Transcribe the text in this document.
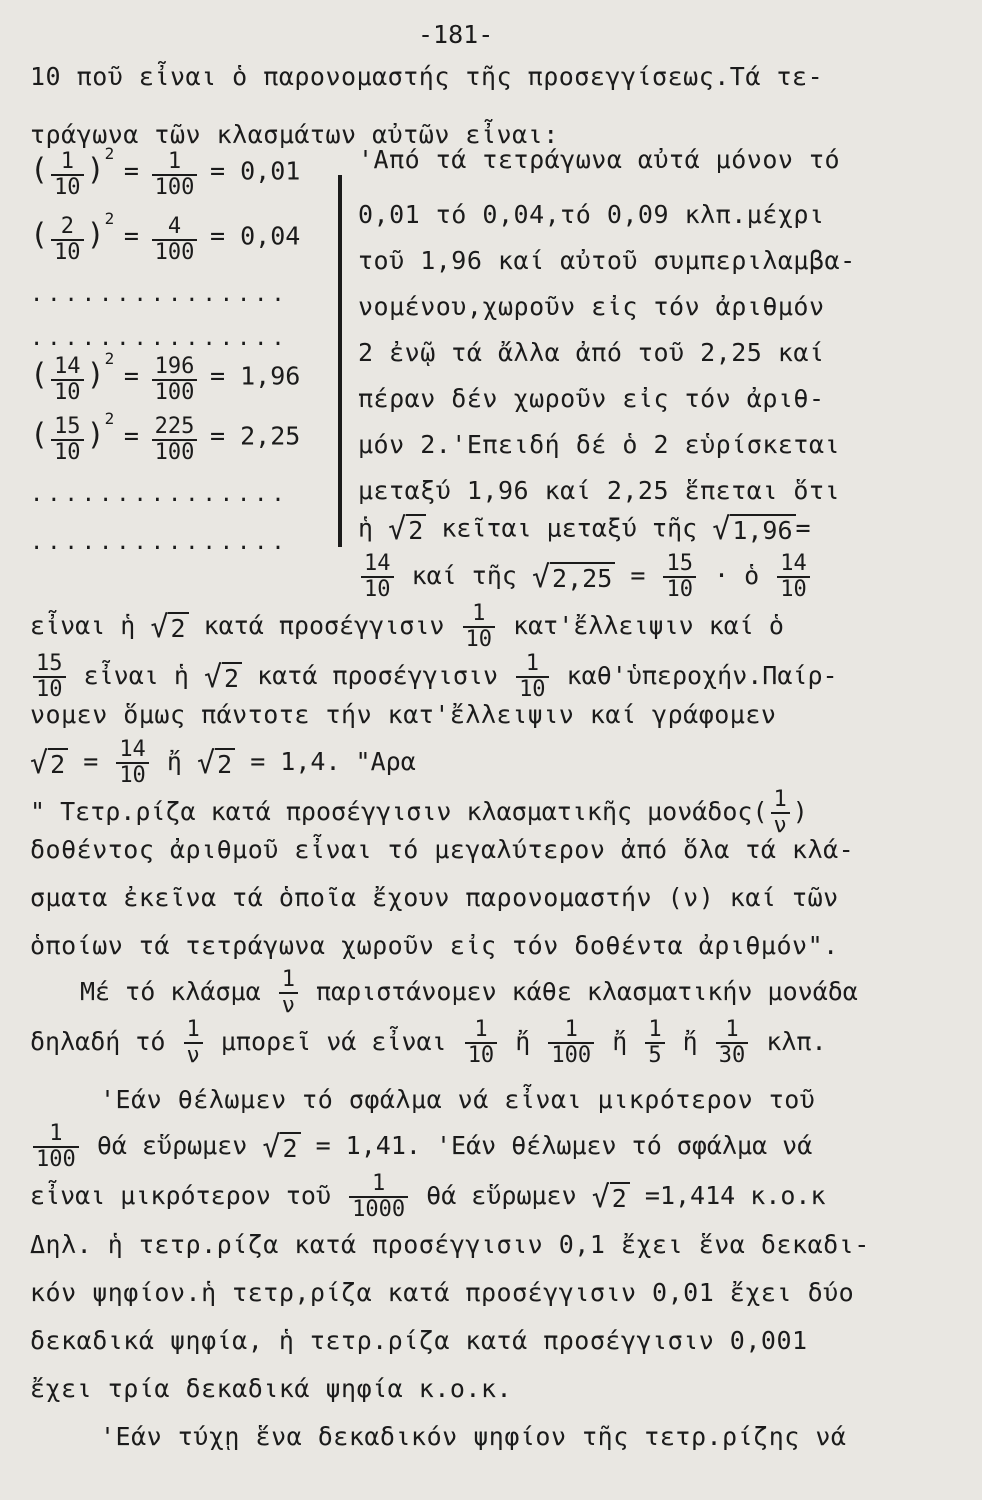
-181-
10 ποῦ εἶναι ὁ παρονομαστής τῆς προσεγγίσεως.Τά τε-
τράγωνα τῶν κλασμάτων αὐτῶν εἶναι:
( $\frac{1}{10} )^2 = \frac{1}{100} = 0,01$
( $\frac{2}{10} )^2 = \frac{4}{100} = 0,04$
...............
...............
( $\frac{14}{10} )^2 = \frac{196}{100} = 1,96$
( $\frac{15}{10} )^2 = \frac{225}{100} = 2,25$
...............
...............
'Από τά τετράγωνα αὐτά μόνον τό
0,01 τό 0,04,τό 0,09 κλπ.μέχρι
τοῦ 1,96 καί αὐτοῦ συμπεριλαμβα-
νομένου,χωροῦν εἰς τόν ἀριθμόν
2 ἐνῷ τά ἄλλα ἀπό τοῦ 2,25 καί
πέραν δέν χωροῦν εἰς τόν ἀριθ-
μόν 2.'Επειδή δέ ὁ 2 εὑρίσκεται
μεταξύ 1,96 καί 2,25 ἕπεται ὅτι
ἡ √2 κεῖται μεταξύ τῆς √1,96 =
$\frac{14}{10}$ καί τῆς $√2,25 = \frac{15}{10}$ · ὁ $\frac{14}{10}$
εἶναι ἡ √2 κατά προσέγγισιν $\frac{1}{10}$ κατ'ἔλλειψιν καί ὁ
$\frac{15}{10}$ εἶναι ἡ √2 κατά προσέγγισιν $\frac{1}{10}$ καθ'ὑπεροχήν.Παίρ-
νομεν ὅμως πάντοτε τήν κατ'ἔλλειψιν καί γράφομεν
$√2 = \frac{14}{10}$ ἤ √2 = 1,4. "Αρα
" Τετρ.ρίζα κατά προσέγγισιν κλασματικῆς $\mu o\nu ά\delta o\varsigma( \frac{1}{\nu}$ )
δοθέντος ἀριθμοῦ εἶναι τό μεγαλύτερον ἀπό ὅλα τά κλά-
σματα ἐκεῖνα τά ὁποῖα ἔχουν παρονομαστήν (ν) καί τῶν
ὁποίων τά τετράγωνα χωροῦν εἰς τόν δοθέντα ἀριθμόν".
Μέ τό κλάσμα $\frac{1}{\nu}$ παριστάνομεν κάθε κλασματικήν μονάδα
δηλαδή τό $\frac{1}{\nu}$ μπορεῖ νά εἶναι $\frac{1}{10}$ ἤ $\frac{1}{100}$ ἤ $\frac{1}{5}$ ἤ $\frac{1}{30} \kappa\lambda\pi$.
'Εάν θέλωμεν τό σφάλμα νά εἶναι μικρότερον τοῦ
$\frac{1}{100}$ θά εὕρωμεν √2 = 1,41. 'Εάν θέλωμεν τό σφάλμα νά
εἶναι μικρότερον τοῦ $\frac{1}{1000}$ θά εὕρωμεν √2 =1,414 κ.ο.κ
Δηλ. ἡ τετρ.ρίζα κατά προσέγγισιν 0,1 ἔχει ἕνα δεκαδι-
κόν ψηφίον.ἡ τετρ,ρίζα κατά προσέγγισιν 0,01 ἔχει δύο
δεκαδικά ψηφία, ἡ τετρ.ρίζα κατά προσέγγισιν 0,001
ἔχει τρία δεκαδικά ψηφία κ.ο.κ.
'Εάν τύχῃ ἕνα δεκαδικόν ψηφίον τῆς τετρ.ρίζης νά
